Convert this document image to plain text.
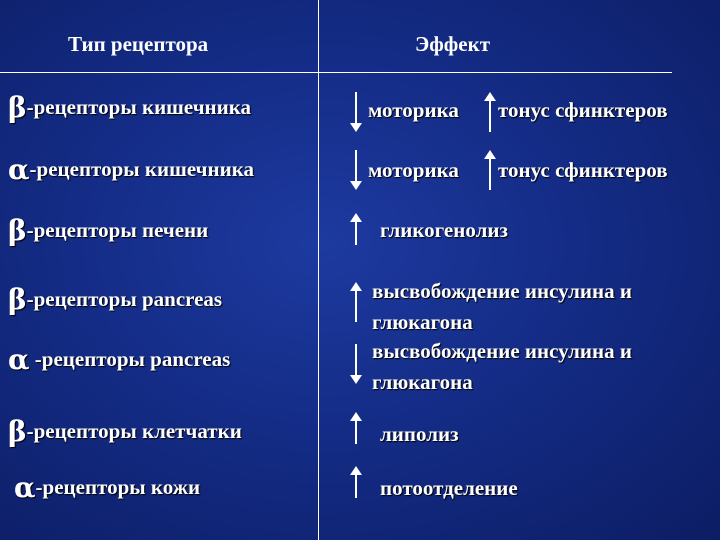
Тип рецептора	Эффект
β-рецепторы кишечника	моторика тонус сфинктеров
α-рецепторы кишечника	моторика тонус сфинктеров
β-рецепторы печени	гликогенолиз
β-рецепторы pancreas	высвобождение инсулина и глюкагона
α -рецепторы pancreas	высвобождение инсулина и глюкагона
β-рецепторы клетчатки	липолиз
α-рецепторы кожи	потоотделение
